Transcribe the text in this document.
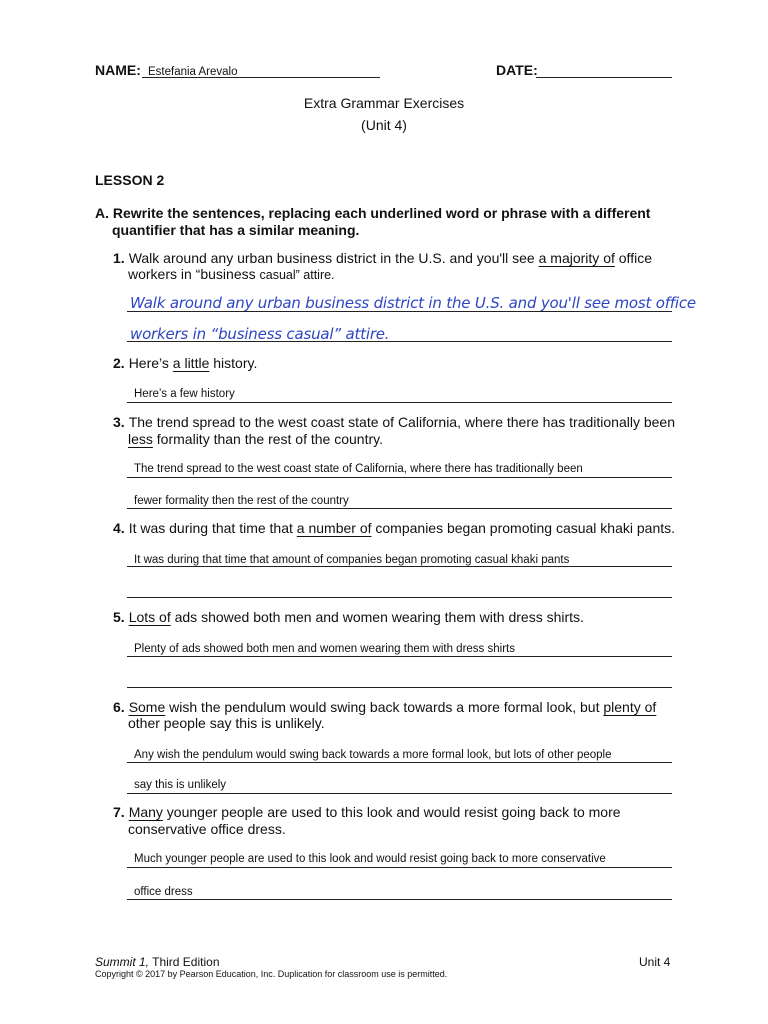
NAME: Estefania Arevalo	DATE:
Extra Grammar Exercises
(Unit 4)
LESSON 2
A. Rewrite the sentences, replacing each underlined word or phrase with a different
quantifier that has a similar meaning.
1. Walk around any urban business district in the U.S. and you'll see a majority of office
workers in “business casual” attire.
Walk around any urban business district in the U.S. and you'll see most office
workers in “business casual” attire.
2. Here’s a little history.
Here’s a few history
3. The trend spread to the west coast state of California, where there has traditionally been
less formality than the rest of the country.
The trend spread to the west coast state of California, where there has traditionally been
fewer formality then the rest of the country
4. It was during that time that a number of companies began promoting casual khaki pants.
It was during that time that amount of companies began promoting casual khaki pants
5. Lots of ads showed both men and women wearing them with dress shirts.
Plenty of ads showed both men and women wearing them with dress shirts
6. Some wish the pendulum would swing back towards a more formal look, but plenty of
other people say this is unlikely.
Any wish the pendulum would swing back towards a more formal look, but lots of other people
say this is unlikely
7. Many younger people are used to this look and would resist going back to more
conservative office dress.
Much younger people are used to this look and would resist going back to more conservative
office dress
Summit 1, Third Edition	Unit 4
Copyright © 2017 by Pearson Education, Inc. Duplication for classroom use is permitted.
